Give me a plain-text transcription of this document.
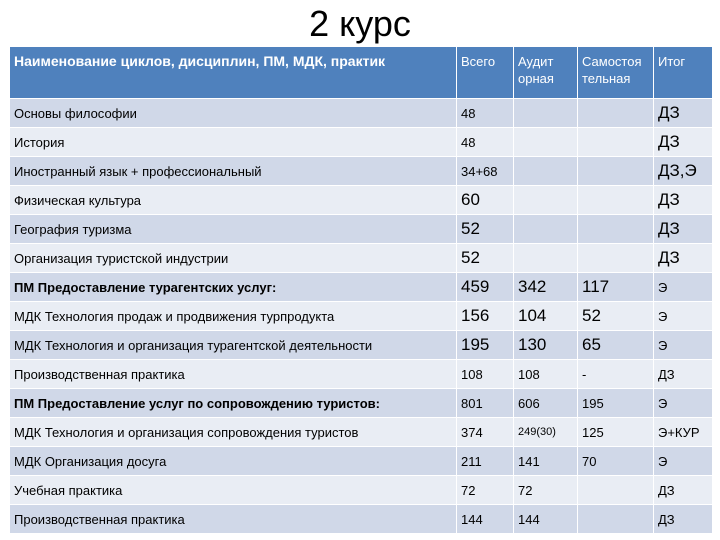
2 курс
Наименование циклов, дисциплин, ПМ, МДК, практик	Всего	Аудит орная	Самостоя тельная	Итог
Основы философии	48			ДЗ
История	48			ДЗ
Иностранный язык + профессиональный	34+68			ДЗ,Э
Физическая культура	60			ДЗ
География туризма	52			ДЗ
Организация туристской индустрии	52			ДЗ
ПМ Предоставление турагентских услуг:	459	342	117	Э
МДК Технология продаж и продвижения турпродукта	156	104	52	Э
МДК Технология и организация турагентской деятельности	195	130	65	Э
Производственная практика	108	108	-	ДЗ
ПМ Предоставление услуг по сопровождению туристов:	801	606	195	Э
МДК Технология и организация сопровождения туристов	374	249(30)	125	Э+КУР
МДК Организация досуга	211	141	70	Э
Учебная практика	72	72		ДЗ
Производственная практика	144	144		ДЗ
